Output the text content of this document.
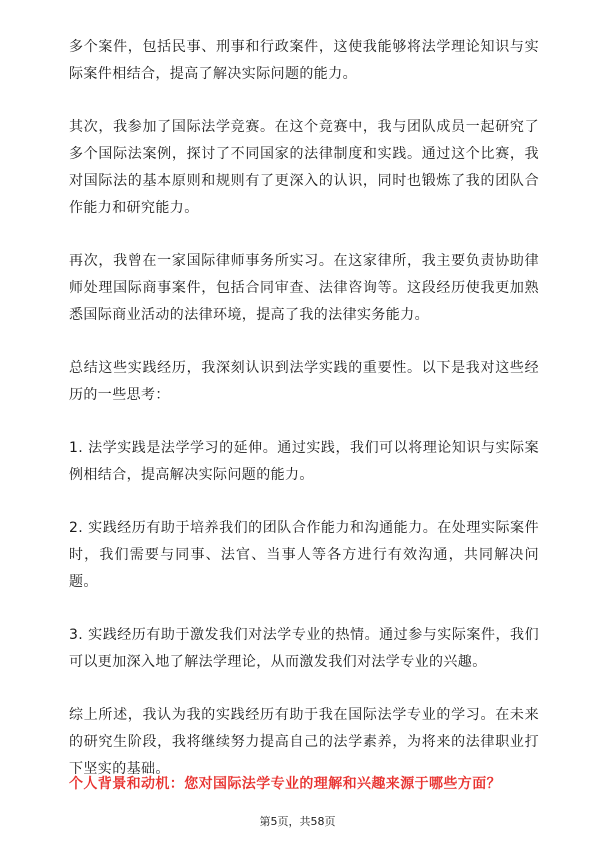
多个案件，包括民事、刑事和行政案件，这使我能够将法学理论知识与实际案件相结合，提高了解决实际问题的能力。

其次，我参加了国际法学竞赛。在这个竞赛中，我与团队成员一起研究了多个国际法案例，探讨了不同国家的法律制度和实践。通过这个比赛，我对国际法的基本原则和规则有了更深入的认识，同时也锻炼了我的团队合作能力和研究能力。

再次，我曾在一家国际律师事务所实习。在这家律所，我主要负责协助律师处理国际商事案件，包括合同审查、法律咨询等。这段经历使我更加熟悉国际商业活动的法律环境，提高了我的法律实务能力。

总结这些实践经历，我深刻认识到法学实践的重要性。以下是我对这些经历的一些思考：

1. 法学实践是法学学习的延伸。通过实践，我们可以将理论知识与实际案例相结合，提高解决实际问题的能力。

2. 实践经历有助于培养我们的团队合作能力和沟通能力。在处理实际案件时，我们需要与同事、法官、当事人等各方进行有效沟通，共同解决问题。

3. 实践经历有助于激发我们对法学专业的热情。通过参与实际案件，我们可以更加深入地了解法学理论，从而激发我们对法学专业的兴趣。

综上所述，我认为我的实践经历有助于我在国际法学专业的学习。在未来的研究生阶段，我将继续努力提高自己的法学素养，为将来的法律职业打下坚实的基础。

个人背景和动机：您对国际法学专业的理解和兴趣来源于哪些方面？

第5页，共58页
